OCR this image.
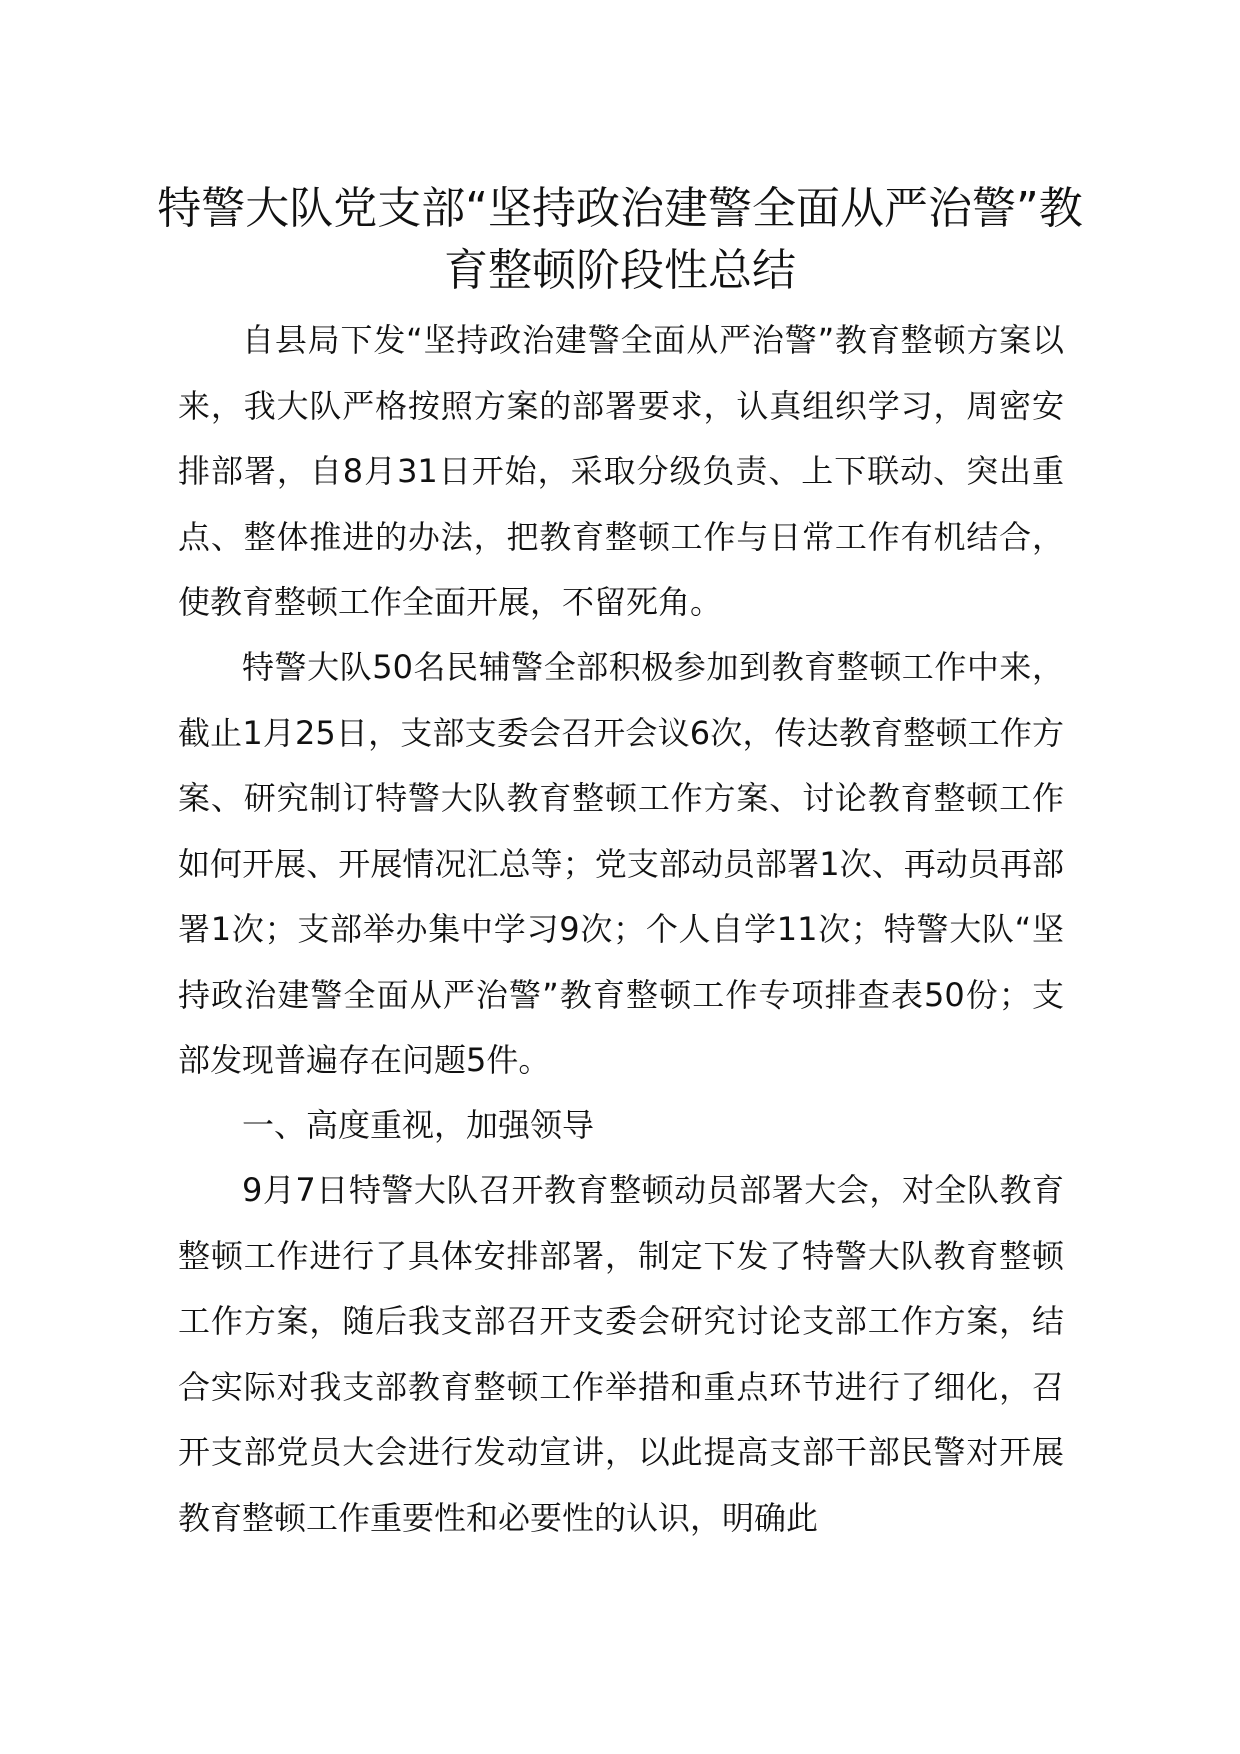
特警大队党支部“坚持政治建警全面从严治警”教育整顿阶段性总结

自县局下发“坚持政治建警全面从严治警”教育整顿方案以来，我大队严格按照方案的部署要求，认真组织学习，周密安排部署，自8月31日开始，采取分级负责、上下联动、突出重点、整体推进的办法，把教育整顿工作与日常工作有机结合，使教育整顿工作全面开展，不留死角。

特警大队50名民辅警全部积极参加到教育整顿工作中来，截止1月25日，支部支委会召开会议6次，传达教育整顿工作方案、研究制订特警大队教育整顿工作方案、讨论教育整顿工作如何开展、开展情况汇总等；党支部动员部署1次、再动员再部署1次；支部举办集中学习9次；个人自学11次；特警大队“坚持政治建警全面从严治警”教育整顿工作专项排查表50份；支部发现普遍存在问题5件。

一、高度重视，加强领导

9月7日特警大队召开教育整顿动员部署大会，对全队教育整顿工作进行了具体安排部署，制定下发了特警大队教育整顿工作方案，随后我支部召开支委会研究讨论支部工作方案，结合实际对我支部教育整顿工作举措和重点环节进行了细化，召开支部党员大会进行发动宣讲，以此提高支部干部民警对开展教育整顿工作重要性和必要性的认识，明确此
